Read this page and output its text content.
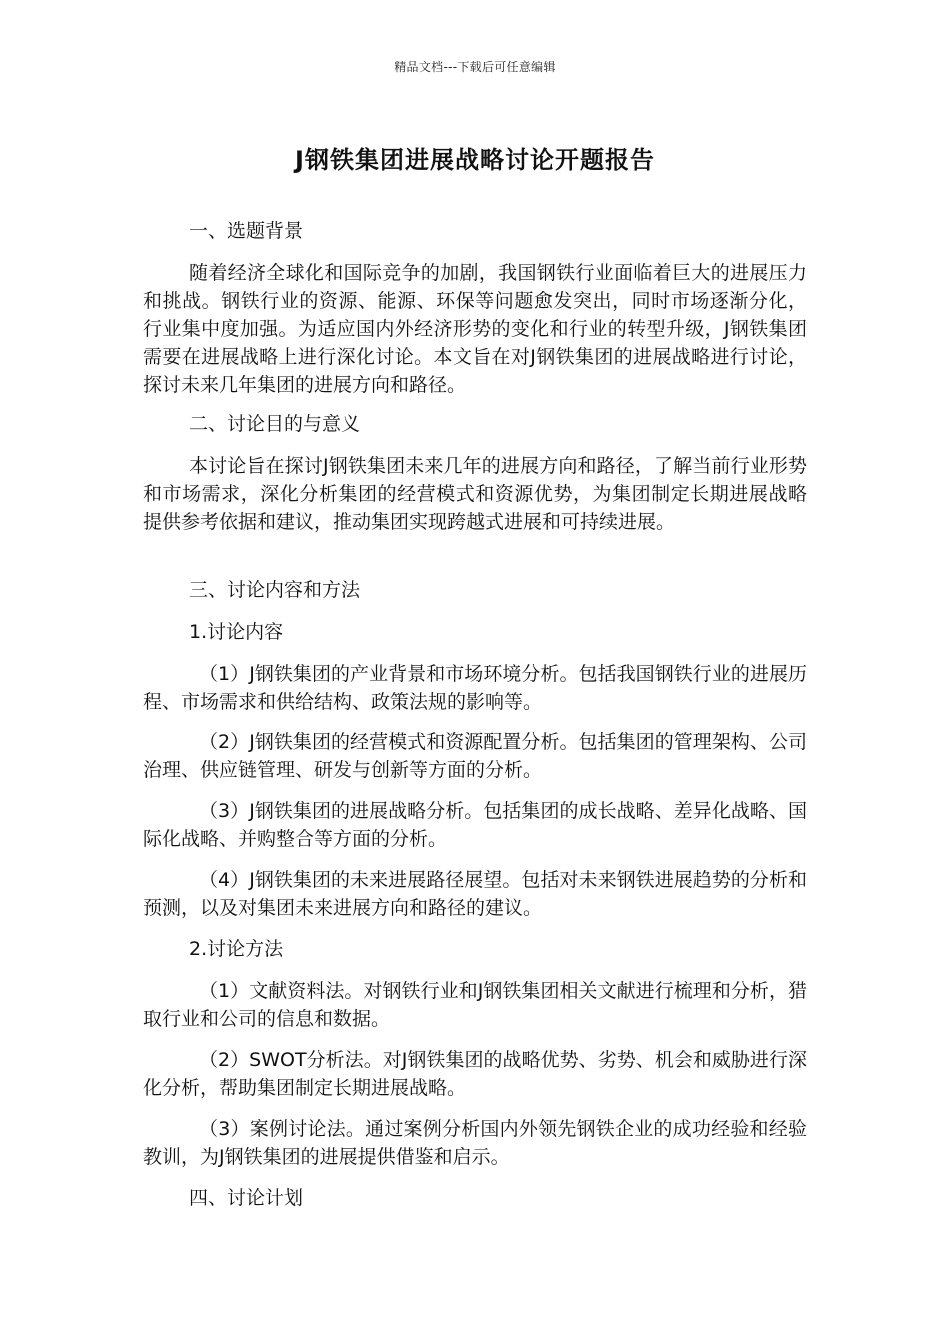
精品文档---下载后可任意编辑
J钢铁集团进展战略讨论开题报告

一、选题背景

随着经济全球化和国际竞争的加剧，我国钢铁行业面临着巨大的进展压力和挑战。钢铁行业的资源、能源、环保等问题愈发突出，同时市场逐渐分化，行业集中度加强。为适应国内外经济形势的变化和行业的转型升级，J钢铁集团需要在进展战略上进行深化讨论。本文旨在对J钢铁集团的进展战略进行讨论，探讨未来几年集团的进展方向和路径。

二、讨论目的与意义

本讨论旨在探讨J钢铁集团未来几年的进展方向和路径，了解当前行业形势和市场需求，深化分析集团的经营模式和资源优势，为集团制定长期进展战略提供参考依据和建议，推动集团实现跨越式进展和可持续进展。

三、讨论内容和方法

1.讨论内容

（1）J钢铁集团的产业背景和市场环境分析。包括我国钢铁行业的进展历程、市场需求和供给结构、政策法规的影响等。

（2）J钢铁集团的经营模式和资源配置分析。包括集团的管理架构、公司治理、供应链管理、研发与创新等方面的分析。

（3）J钢铁集团的进展战略分析。包括集团的成长战略、差异化战略、国际化战略、并购整合等方面的分析。

（4）J钢铁集团的未来进展路径展望。包括对未来钢铁进展趋势的分析和预测，以及对集团未来进展方向和路径的建议。

2.讨论方法

（1）文献资料法。对钢铁行业和J钢铁集团相关文献进行梳理和分析，猎取行业和公司的信息和数据。

（2）SWOT分析法。对J钢铁集团的战略优势、劣势、机会和威胁进行深化分析，帮助集团制定长期进展战略。

（3）案例讨论法。通过案例分析国内外领先钢铁企业的成功经验和经验教训，为J钢铁集团的进展提供借鉴和启示。

四、讨论计划
